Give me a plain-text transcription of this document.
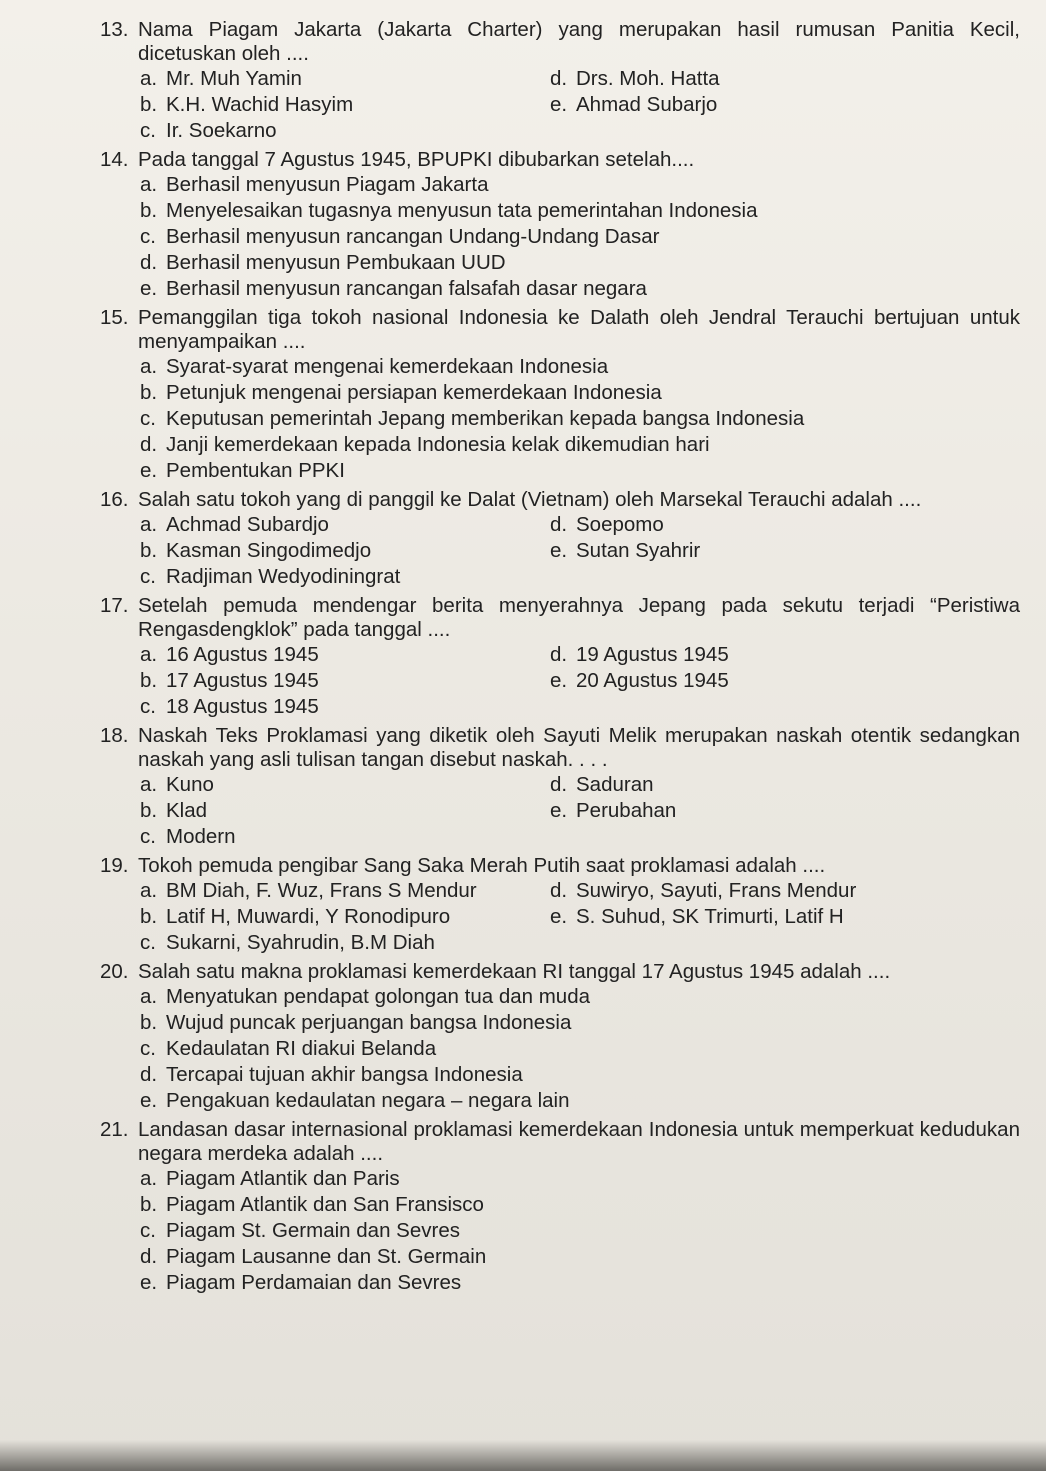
13. Nama Piagam Jakarta (Jakarta Charter) yang merupakan hasil rumusan Panitia Kecil, dicetuskan oleh ....
a. Mr. Muh Yamin	d. Drs. Moh. Hatta
b. K.H. Wachid Hasyim	e. Ahmad Subarjo
c. Ir. Soekarno
14. Pada tanggal 7 Agustus 1945, BPUPKI dibubarkan setelah....
a. Berhasil menyusun Piagam Jakarta
b. Menyelesaikan tugasnya menyusun tata pemerintahan Indonesia
c. Berhasil menyusun rancangan Undang-Undang Dasar
d. Berhasil menyusun Pembukaan UUD
e. Berhasil menyusun rancangan falsafah dasar negara
15. Pemanggilan tiga tokoh nasional Indonesia ke Dalath oleh Jendral Terauchi bertujuan untuk menyampaikan ....
a. Syarat-syarat mengenai kemerdekaan Indonesia
b. Petunjuk mengenai persiapan kemerdekaan Indonesia
c. Keputusan pemerintah Jepang memberikan kepada bangsa Indonesia
d. Janji kemerdekaan kepada Indonesia kelak dikemudian hari
e. Pembentukan PPKI
16. Salah satu tokoh yang di panggil ke Dalat (Vietnam) oleh Marsekal Terauchi adalah ....
a. Achmad Subardjo	d. Soepomo
b. Kasman Singodimedjo	e. Sutan Syahrir
c. Radjiman Wedyodiningrat
17. Setelah pemuda mendengar berita menyerahnya Jepang pada sekutu terjadi “Peristiwa Rengasdengklok” pada tanggal ....
a. 16 Agustus 1945	d. 19 Agustus 1945
b. 17 Agustus 1945	e. 20 Agustus 1945
c. 18 Agustus 1945
18. Naskah Teks Proklamasi yang diketik oleh Sayuti Melik merupakan naskah otentik sedangkan naskah yang asli tulisan tangan disebut naskah. . . .
a. Kuno	d. Saduran
b. Klad	e. Perubahan
c. Modern
19. Tokoh pemuda pengibar Sang Saka Merah Putih saat proklamasi adalah ....
a. BM Diah, F. Wuz, Frans S Mendur	d. Suwiryo, Sayuti, Frans Mendur
b. Latif H, Muwardi, Y Ronodipuro	e. S. Suhud, SK Trimurti, Latif H
c. Sukarni, Syahrudin, B.M Diah
20. Salah satu makna proklamasi kemerdekaan RI tanggal 17 Agustus 1945 adalah ....
a. Menyatukan pendapat golongan tua dan muda
b. Wujud puncak perjuangan bangsa Indonesia
c. Kedaulatan RI diakui Belanda
d. Tercapai tujuan akhir bangsa Indonesia
e. Pengakuan kedaulatan negara – negara lain
21. Landasan dasar internasional proklamasi kemerdekaan Indonesia untuk memperkuat kedudukan negara merdeka adalah ....
a. Piagam Atlantik dan Paris
b. Piagam Atlantik dan San Fransisco
c. Piagam St. Germain dan Sevres
d. Piagam Lausanne dan St. Germain
e. Piagam Perdamaian dan Sevres
